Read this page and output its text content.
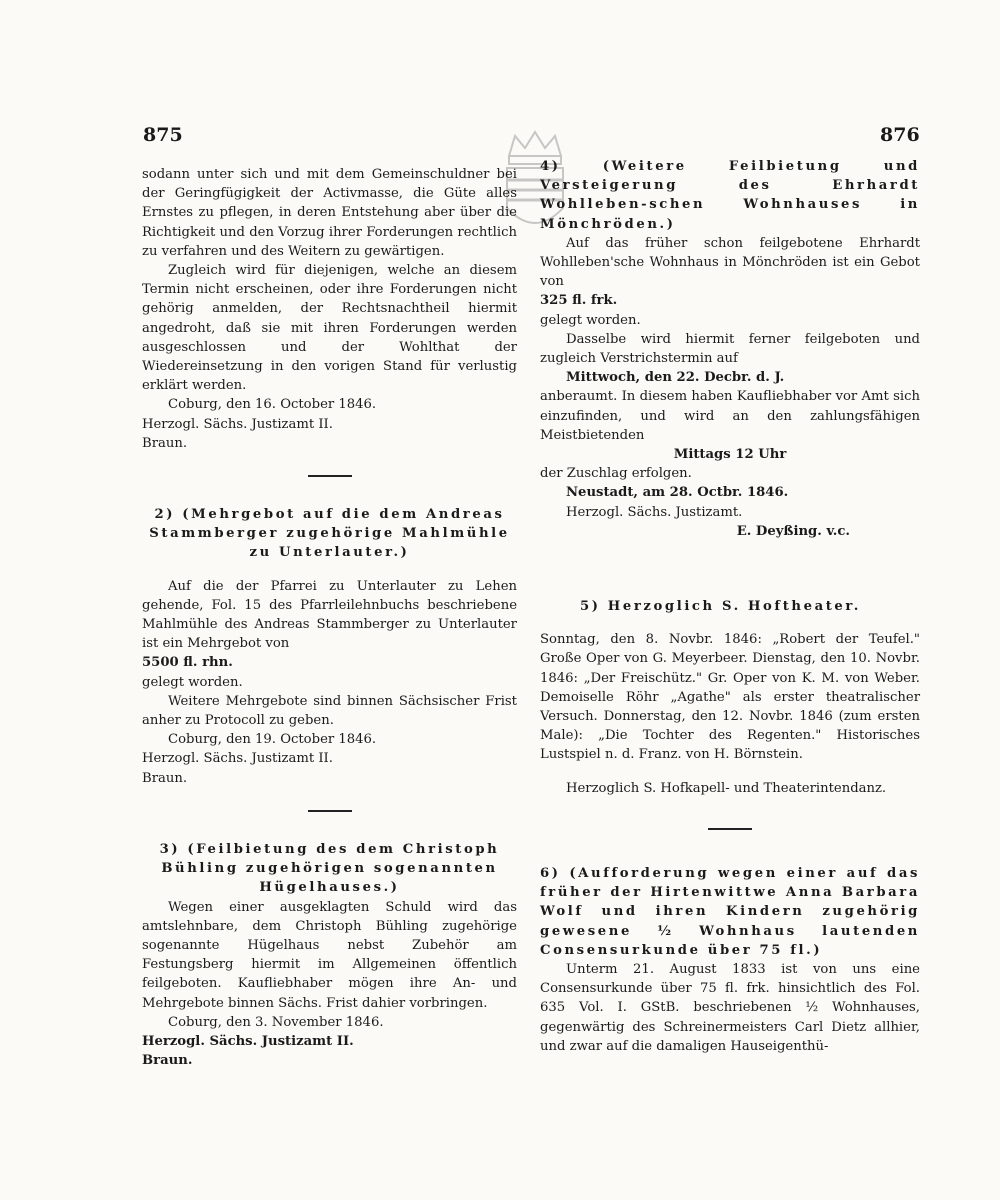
875	876

sodann unter sich und mit dem Gemeinschuldner bei der Geringfügigkeit der Activmasse, die Güte alles Ernstes zu pflegen, in deren Entstehung aber über die Richtigkeit und den Vorzug ihrer Forderungen rechtlich zu verfahren und des Weitern zu gewärtigen.

Zugleich wird für diejenigen, welche an diesem Termin nicht erscheinen, oder ihre Forderungen nicht gehörig anmelden, der Rechtsnachtheil hiermit angedroht, daß sie mit ihren Forderungen werden ausgeschlossen und der Wohlthat der Wiedereinsetzung in den vorigen Stand für verlustig erklärt werden.

Coburg, den 16. October 1846.

Herzogl. Sächs. Justizamt II.

Braun.

2) (Mehrgebot auf die dem Andreas Stammberger zugehörige Mahlmühle zu Unterlauter.)

Auf die der Pfarrei zu Unterlauter zu Lehen gehende, Fol. 15 des Pfarrleilehnbuchs beschriebene Mahlmühle des Andreas Stammberger zu Unterlauter ist ein Mehrgebot von

5500 fl. rhn.

gelegt worden.

Weitere Mehrgebote sind binnen Sächsischer Frist anher zu Protocoll zu geben.

Coburg, den 19. October 1846.

Herzogl. Sächs. Justizamt II.

Braun.

3) (Feilbietung des dem Christoph Bühling zugehörigen sogenannten Hügelhauses.)

Wegen einer ausgeklagten Schuld wird das amtslehnbare, dem Christoph Bühling zugehörige sogenannte Hügelhaus nebst Zubehör am Festungsberg hiermit im Allgemeinen öffentlich feilgeboten. Kaufliebhaber mögen ihre An- und Mehrgebote binnen Sächs. Frist dahier vorbringen.

Coburg, den 3. November 1846.

Herzogl. Sächs. Justizamt II.

Braun.

4) (Weitere Feilbietung und Versteigerung des Ehrhardt Wohlleben-schen Wohnhauses in Mönchröden.)

Auf das früher schon feilgebotene Ehrhardt Wohlleben'sche Wohnhaus in Mönchröden ist ein Gebot von

325 fl. frk.

gelegt worden.

Dasselbe wird hiermit ferner feilgeboten und zugleich Verstrichstermin auf

Mittwoch, den 22. Decbr. d. J.

anberaumt. In diesem haben Kaufliebhaber vor Amt sich einzufinden, und wird an den zahlungsfähigen Meistbietenden

Mittags 12 Uhr

der Zuschlag erfolgen.

Neustadt, am 28. Octbr. 1846.

Herzogl. Sächs. Justizamt.

E. Deyßing. v.c.

5) Herzoglich S. Hoftheater.

Sonntag, den 8. Novbr. 1846: „Robert der Teufel." Große Oper von G. Meyerbeer. Dienstag, den 10. Novbr. 1846: „Der Freischütz." Gr. Oper von K. M. von Weber. Demoiselle Röhr „Agathe" als erster theatralischer Versuch. Donnerstag, den 12. Novbr. 1846 (zum ersten Male): „Die Tochter des Regenten." Historisches Lustspiel n. d. Franz. von H. Börnstein.

Herzoglich S. Hofkapell- und Theaterintendanz.

6) (Aufforderung wegen einer auf das früher der Hirtenwittwe Anna Barbara Wolf und ihren Kindern zugehörig gewesene ½ Wohnhaus lautenden Consensurkunde über 75 fl.)

Unterm 21. August 1833 ist von uns eine Consensurkunde über 75 fl. frk. hinsichtlich des Fol. 635 Vol. I. GStB. beschriebenen ½ Wohnhauses, gegenwärtig des Schreinermeisters Carl Dietz allhier, und zwar auf die damaligen Hauseigenthü-
